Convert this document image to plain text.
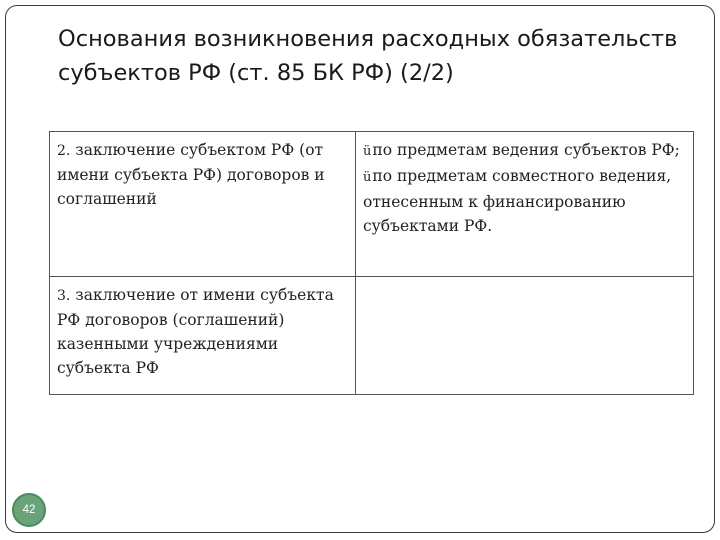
Основания возникновения расходных обязательств субъектов РФ (ст. 85 БК РФ) (2/2)
2. заключение субъектом РФ (от имени субъекта РФ) договоров и соглашений	üпо предметам ведения субъектов РФ;
üпо предметам совместного ведения, отнесенным к финансированию субъектами РФ.

3. заключение от имени субъекта РФ договоров (соглашений) казенными учреждениями субъекта РФ	
42
